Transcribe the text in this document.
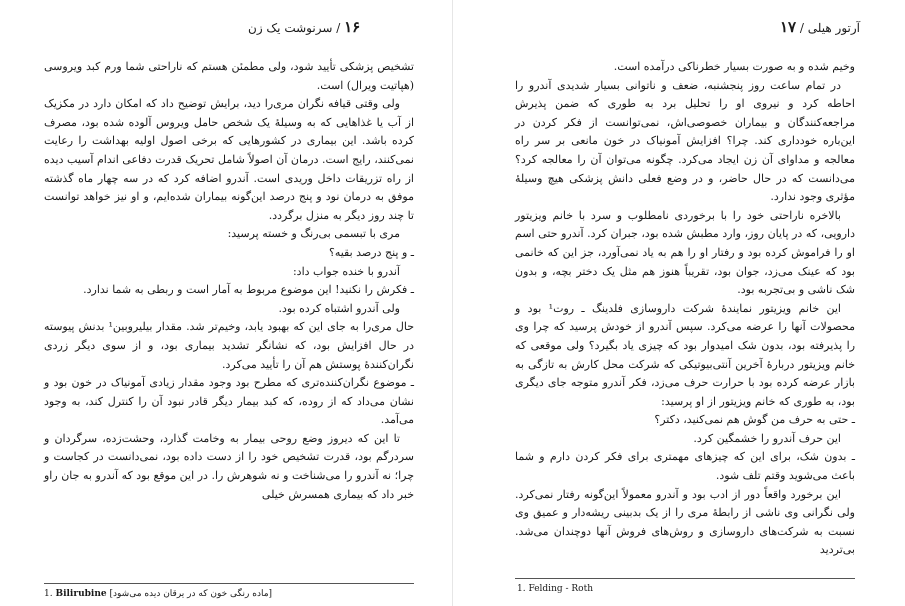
۱۶ / سرنوشت یک زن

تشخیص پزشکی تأیید شود، ولی مطمئن هستم که ناراحتی شما ورم کبد ویروسی (هپاتیت ویرال) است.

ولی وقتی قیافه نگران مری‌را دید، برایش توضیح داد که امکان دارد در مکزیک از آب یا غذاهایی که به وسیلهٔ یک شخص حامل ویروس آلوده شده بود، مصرف کرده باشد. این بیماری در کشورهایی که برخی اصول اولیه بهداشت را رعایت نمی‌کنند، رایج است. درمان آن اصولاً شامل تحریک قدرت دفاعی اندام آسیب دیده از راه تزریقات داخل وریدی است. آندرو اضافه کرد که در سه چهار ماه گذشته موفق به درمان نود و پنج درصد این‌گونه بیماران شده‌ایم، و او نیز خواهد توانست تا چند روز دیگر به منزل برگردد.

مری با تبسمی بی‌رنگ و خسته پرسید:

ـ و پنج درصد بقیه؟

آندرو با خنده جواب داد:

ـ فکرش را نکنید! این موضوع مربوط به آمار است و ربطی به شما ندارد.

ولی آندرو اشتباه کرده بود.

حال مری‌را به جای این که بهبود یابد، وخیم‌تر شد. مقدار بیلیروبین¹ بدنش پیوسته در حال افزایش بود، که نشانگر تشدید بیماری بود، و از سوی دیگر زردی نگران‌کنندهٔ پوستش هم آن را تأیید می‌کرد.

ـ موضوع نگران‌کننده‌تری که مطرح بود وجود مقدار زیادی آمونیاک در خون بود و نشان می‌داد که از روده، که کبد بیمار دیگر قادر نبود آن را کنترل کند، به وجود می‌آمد.

تا این که دیروز وضع روحی بیمار به وخامت گذارد، وحشت‌زده، سرگردان و سردرگم بود، قدرت تشخیص خود را از دست داده بود، نمی‌دانست در کجاست و چرا؛ نه آندرو را می‌شناخت و نه شوهرش را. در این موقع بود که آندرو به جان راو خبر داد که بیماری همسرش خیلی

1. Bilirubine [ماده رنگی خون که در یرقان دیده می‌شود]
آرتور هیلی / ۱۷

وخیم شده و به صورت بسیار خطرناکی درآمده است.

در تمام ساعت روز پنجشنبه، ضعف و ناتوانی بسیار شدیدی آندرو را احاطه کرد و نیروی او را تحلیل برد به طوری که ضمن پذیرش مراجعه‌کنندگان و بیماران خصوصی‌اش، نمی‌توانست از فکر کردن در این‌باره خودداری کند. چرا؟ افزایش آمونیاک در خون مانعی بر سر راه معالجه و مداوای آن زن ایجاد می‌کرد. چگونه می‌توان آن را معالجه کرد؟ می‌دانست که در حال حاضر، و در وضع فعلی دانش پزشکی هیچ وسیلهٔ مؤثری وجود ندارد.

بالاخره ناراحتی خود را با برخوردی نامطلوب و سرد با خانم ویزیتور دارویی، که در پایان روز، وارد مطبش شده بود، جبران کرد. آندرو حتی اسم او را فراموش کرده بود و رفتار او را هم به یاد نمی‌آورد، جز این که خانمی بود که عینک می‌زد، جوان بود، تقریباً هنوز هم مثل یک دختر بچه، و بدون شک ناشی و بی‌تجربه بود.

این خانم ویزیتور نمایندهٔ شرکت داروسازی فلدینگ ـ روت¹ بود و محصولات آنها را عرضه می‌کرد. سپس آندرو از خودش پرسید که چرا وی را پذیرفته بود، بدون شک امیدوار بود که چیزی یاد بگیرد؟ ولی موقعی که خانم ویزیتور دربارهٔ آخرین آنتی‌بیوتیکی که شرکت محل کارش به تازگی به بازار عرضه کرده بود با حرارت حرف می‌زد، فکر آندرو متوجه جای دیگری بود، به طوری که خانم ویزیتور از او پرسید:

ـ حتی به حرف من گوش هم نمی‌کنید، دکتر؟

این حرف آندرو را خشمگین کرد.

ـ بدون شک، برای این که چیزهای مهمتری برای فکر کردن دارم و شما باعث می‌شوید وقتم تلف شود.

این برخورد واقعاً دور از ادب بود و آندرو معمولاً این‌گونه رفتار نمی‌کرد. ولی نگرانی وی ناشی از رابطهٔ مری را از یک بدبینی ریشه‌دار و عمیق وی نسبت به شرکت‌های داروسازی و روش‌های فروش آنها دوچندان می‌شد. بی‌تردید

1. Felding - Roth
